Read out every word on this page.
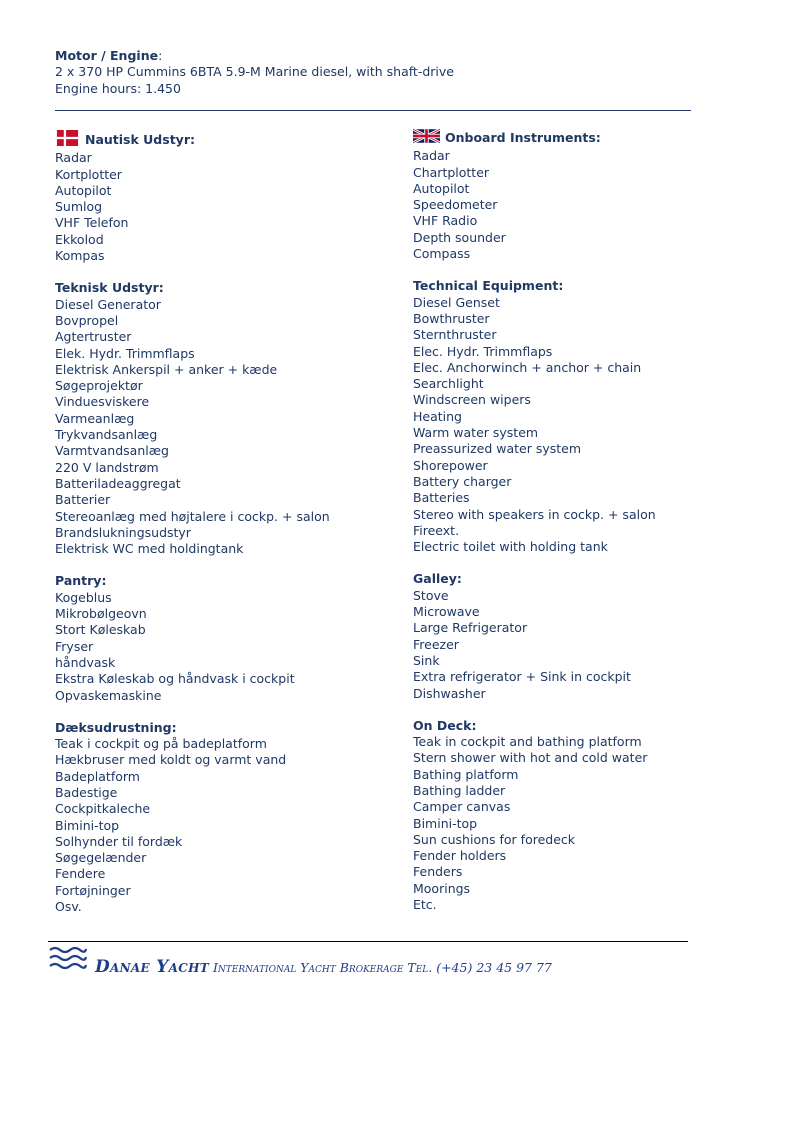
Motor / Engine:
2 x 370 HP Cummins 6BTA 5.9-M Marine diesel, with shaft-drive
Engine hours: 1.450
Nautisk Udstyr:
Radar
Kortplotter
Autopilot
Sumlog
VHF Telefon
Ekkolod
Kompas
Teknisk Udstyr:
Diesel Generator
Bovpropel
Agtertruster
Elek. Hydr. Trimmflaps
Elektrisk Ankerspil + anker + kæde
Søgeprojektør
Vinduesviskere
Varmeanlæg
Trykvandsanlæg
Varmtvandsanlæg
220 V landstrøm
Batteriladeaggregat
Batterier
Stereoanlæg med højtalere i cockp. + salon
Brandslukningsudstyr
Elektrisk WC med holdingtank
Pantry:
Kogeblus
Mikrobølgeovn
Stort Køleskab
Fryser
håndvask
Ekstra Køleskab og håndvask i cockpit
Opvaskemaskine
Dæksudrustning:
Teak i cockpit og på badeplatform
Hækbruser med koldt og varmt vand
Badeplatform
Badestige
Cockpitkaleche
Bimini-top
Solhynder til fordæk
Søgegelænder
Fendere
Fortøjninger
Osv.
Onboard Instruments:
Radar
Chartplotter
Autopilot
Speedometer
VHF Radio
Depth sounder
Compass
Technical Equipment:
Diesel Genset
Bowthruster
Sternthruster
Elec. Hydr. Trimmflaps
Elec. Anchorwinch + anchor + chain
Searchlight
Windscreen wipers
Heating
Warm water system
Preassurized water system
Shorepower
Battery charger
Batteries
Stereo with speakers in cockp. + salon
Fireext.
Electric toilet with holding tank
Galley:
Stove
Microwave
Large Refrigerator
Freezer
Sink
Extra refrigerator + Sink in cockpit
Dishwasher
On Deck:
Teak in cockpit and bathing platform
Stern shower with hot and cold water
Bathing platform
Bathing ladder
Camper canvas
Bimini-top
Sun cushions for foredeck
Fender holders
Fenders
Moorings
Etc.
Danae Yacht International Yacht Brokerage Tel. (+45) 23 45 97 77
